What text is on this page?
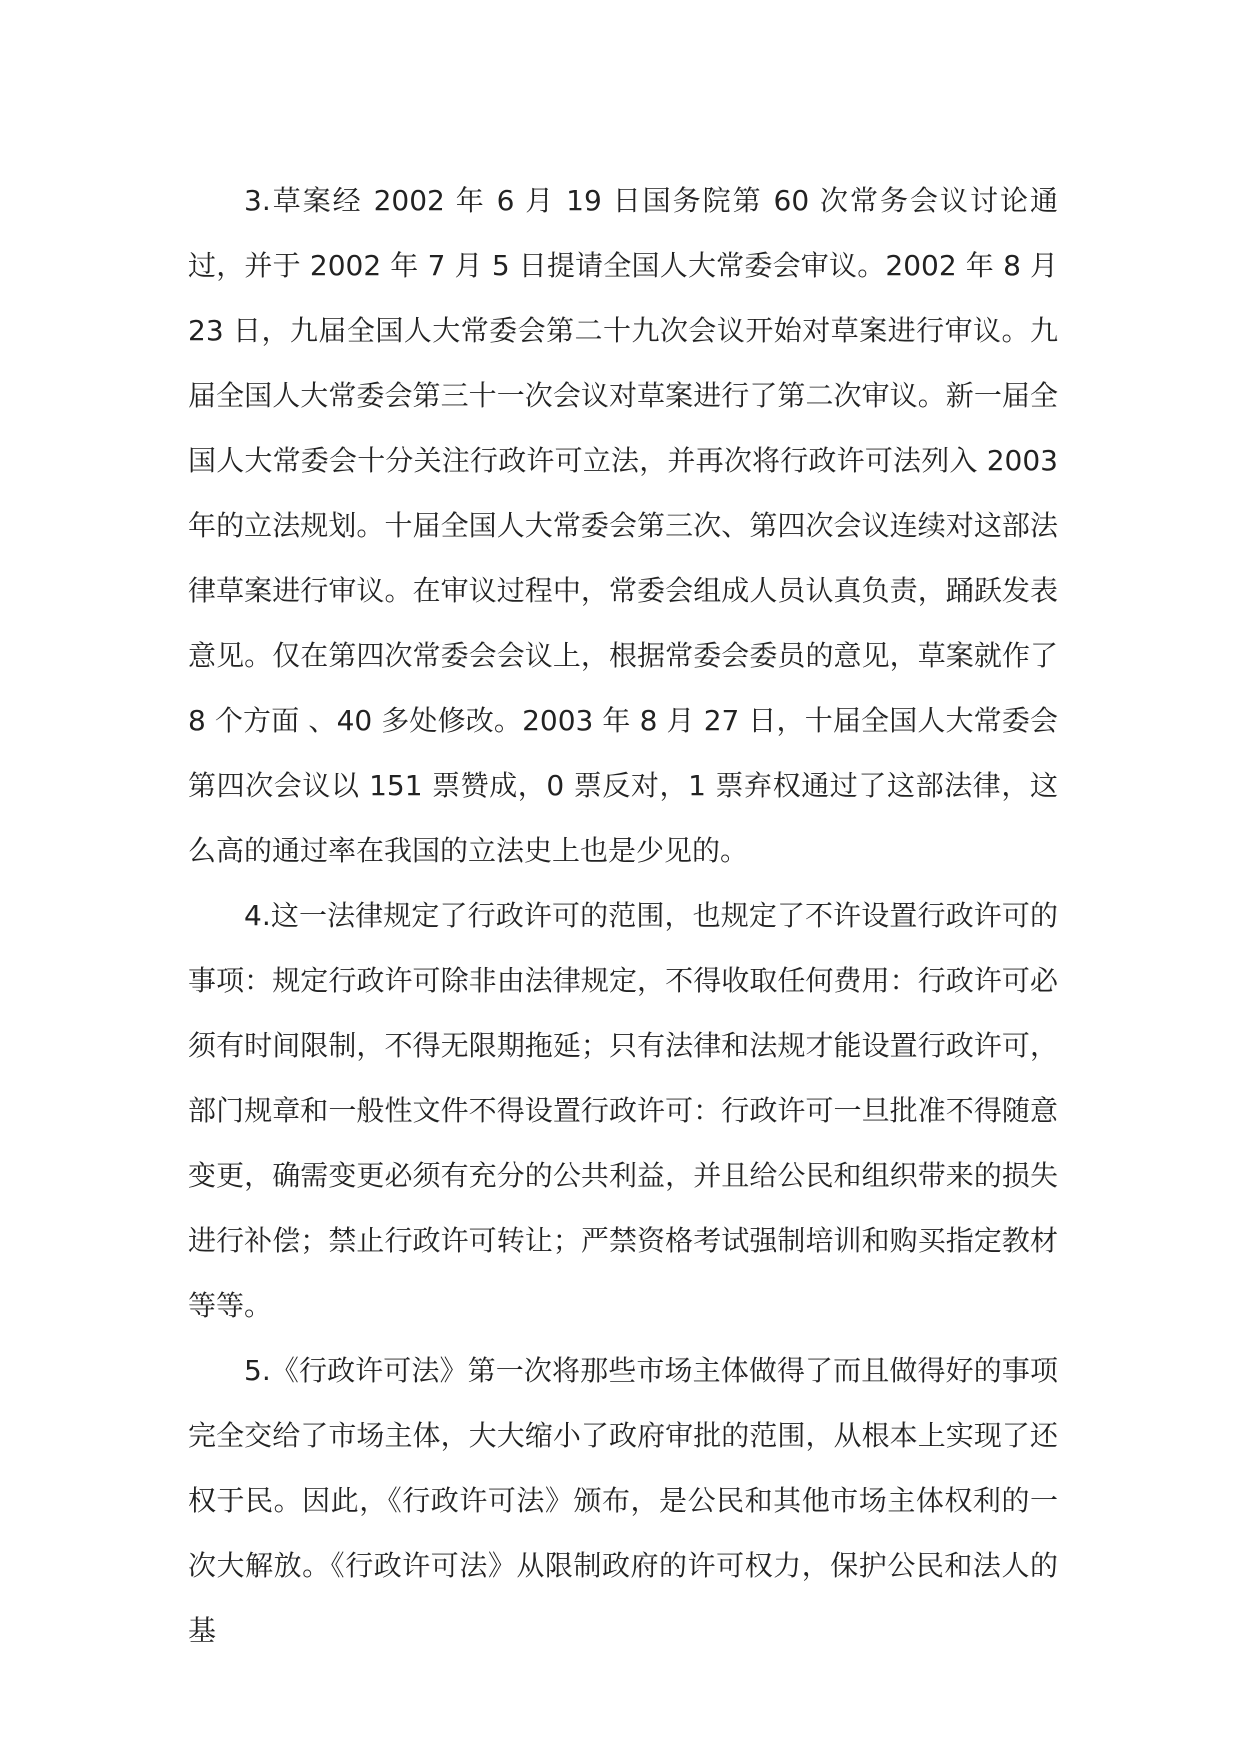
3.草案经 2002 年 6 月 19 日国务院第 60 次常务会议讨论通过，并于 2002 年 7 月 5 日提请全国人大常委会审议。2002 年 8 月 23 日，九届全国人大常委会第二十九次会议开始对草案进行审议。九届全国人大常委会第三十一次会议对草案进行了第二次审议。新一届全国人大常委会十分关注行政许可立法，并再次将行政许可法列入 2003 年的立法规划。十届全国人大常委会第三次、第四次会议连续对这部法律草案进行审议。在审议过程中，常委会组成人员认真负责，踊跃发表意见。仅在第四次常委会会议上，根据常委会委员的意见，草案就作了 8 个方面 、40 多处修改。2003 年 8 月 27 日，十届全国人大常委会第四次会议以 151 票赞成，0 票反对，1 票弃权通过了这部法律，这么高的通过率在我国的立法史上也是少见的。

4.这一法律规定了行政许可的范围，也规定了不许设置行政许可的事项：规定行政许可除非由法律规定，不得收取任何费用：行政许可必须有时间限制，不得无限期拖延；只有法律和法规才能设置行政许可，部门规章和一般性文件不得设置行政许可：行政许可一旦批准不得随意变更，确需变更必须有充分的公共利益，并且给公民和组织带来的损失进行补偿；禁止行政许可转让；严禁资格考试强制培训和购买指定教材等等。

5.《行政许可法》第一次将那些市场主体做得了而且做得好的事项完全交给了市场主体，大大缩小了政府审批的范围，从根本上实现了还权于民。因此，《行政许可法》颁布，是公民和其他市场主体权利的一次大解放。《行政许可法》从限制政府的许可权力，保护公民和法人的基
